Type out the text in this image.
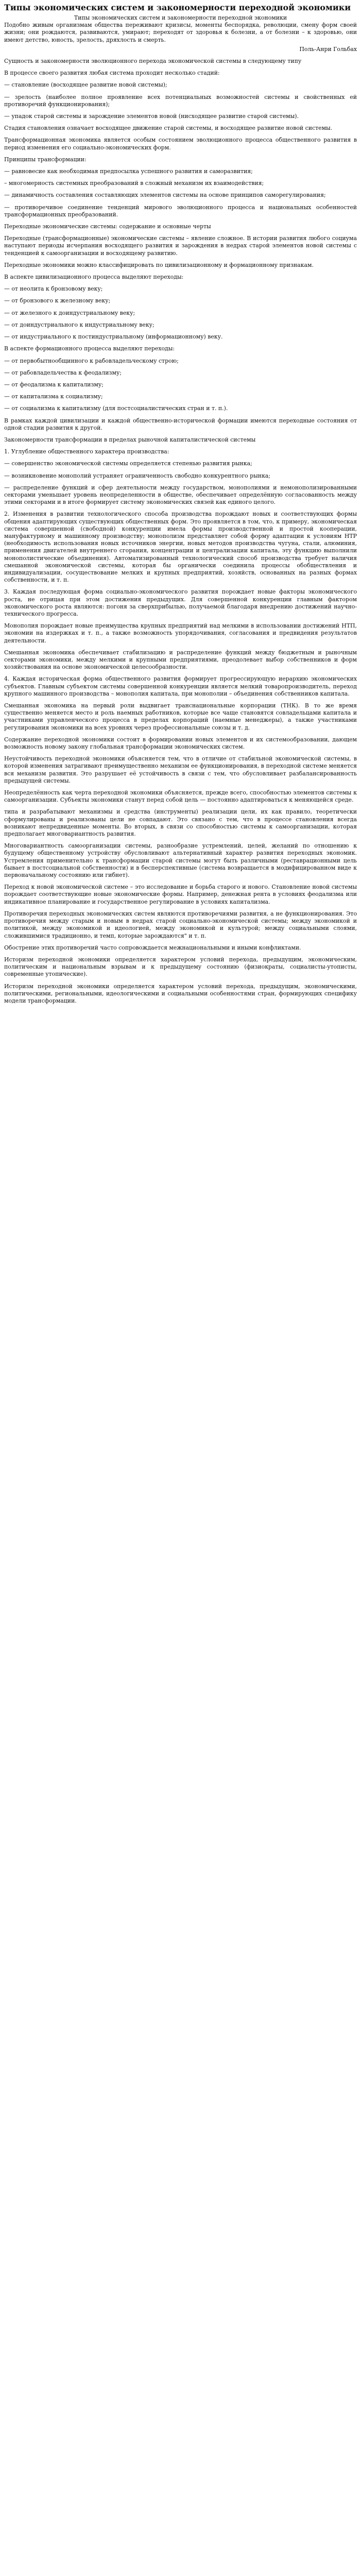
Типы экономических систем и закономерности переходной экономики
Типы экономических систем и закономерности переходной экономики
Подобно живым организмам общества переживают кризисы, моменты беспорядка, революции, смену форм своей жизни; они рождаются, развиваются, умирают; переходят от здоровья к болезни, а от болезни – к здоровью, они имеют детство, юность, зрелость, дряхлость и смерть.
Поль-Анри Гольбах

Сущность и закономерности эволюционного перехода экономической системы в следующему типу

В процессе своего развития любая система проходит несколько стадий:

— становление (восходящее развитие новой системы);

— зрелость (наиболее полное проявление всех потенциальных возможностей системы и свойственных ей противоречий функционирования);

— упадок старой системы и зарождение элементов новой (нисходящее развитие старой системы).

Стадия становления означает восходящее движение старой системы, и восходящее развитие новой системы.

Трансформационная экономика является особым состоянием эволюционного процесса общественного развития в период изменения его социально-экономических форм.

Принципы трансформации:

— равновесие как необходимая предпосылка успешного развития и саморазвития;

– многомерность системных преобразований в сложный механизм их взаимодействия;

— динамичность составления составляющих элементов системы на основе принципов саморегулирования;

— противоречивое соединение тенденций мирового эволюционного процесса и национальных особенностей трансформационных преобразований.

Переходные экономические системы: содержание и основные черты

Переходные (трансформационные) экономические системы – явление сложное. В истории развития любого социума наступают периоды исчерпания восходящего развития и зарождения в недрах старой элементов новой системы с тенденцией к самоорганизации и восходящему развитию.

Переходные экономики можно классифицировать по цивилизационному и формационному признакам.

В аспекте цивилизационного процесса выделяют переходы:

— от неолита к бронзовому веку;

— от бронзового к железному веку;

— от железного к доиндустриальному веку;

— от доиндустриального к индустриальному веку;

— от индустриального к постиндустриальному (информационному) веку.

В аспекте формационного процесса выделяют переходы:

— от первобытнообщинного к рабовладельческому строю;

— от рабовладельчества к феодализму;

— от феодализма к капитализму;

— от капитализма к социализму;

— от социализма к капитализму (для постсоциалистических стран и т. п.).

В рамках каждой цивилизации и каждой общественно-исторической формации имеются переходные состояния от одной стадии развития к другой.

Закономерности трансформации в пределах рыночной капиталистической системы

1. Углубление общественного характера производства:

— совершенство экономической системы определяется степенью развития рынка;

— возникновение монополий устраняет ограниченность свободно конкурентного рынка;

— распределение функций и сфер деятельности между государством, монополиями и немонополизированными секторами уменьшает уровень неопределенности в обществе, обеспечивает определённую согласованность между этими секторами и в итоге формирует систему экономических связей как единого целого.

2. Изменения в развитии технологического способа производства порождают новых и соответствующих формы общения адаптирующих существующих общественных форм. Это проявляется в том, что, к примеру, экономическая система совершенной (свободной) конкуренции имела формы производственной и простой кооперации, мануфактурному и машинному производству; монополизм представляет собой форму адаптации к условиям НТР (необходимость использования новых источников энергии, новых методов производства чугуна, стали, алюминия, применения двигателей внутреннего сгорания, концентрации и централизации капитала, эту функцию выполнили монополистические объединения). Автоматизированный технологический способ производства требует наличия смешанной экономической системы, которая бы органически соединила процессы обобществления и индивидуализации, сосуществование мелких и крупных предприятий, хозяйств, основанных на разных формах собственности, и т. п.

3. Каждая последующая форма социально-экономического развития порождает новые факторы экономического роста, не отрицая при этом достижения предыдущих. Для совершенной конкуренции главным фактором экономического роста являются: погоня за сверхприбылью, получаемой благодаря внедрению достижений научно-технического прогресса.

Монополия порождает новые преимущества крупных предприятий над мелкими в использовании достижений НТП, экономии на издержках и т. п., а также возможность упорядочивания, согласования и предвидения результатов деятельности.

Смешанная экономика обеспечивает стабилизацию и распределение функций между бюджетным и рыночным секторами экономики, между мелкими и крупными предприятиями, преодолевает выбор собственников и форм хозяйствования на основе экономической целесообразности.

4. Каждая историческая форма общественного развития формирует прогрессирующую иерархию экономических субъектов. Главным субъектом системы совершенной конкуренции является мелкий товаропроизводитель, переход крупного машинного производства – монополия капитала, при монополии – объединения собственников капитала.

Смешанная экономика на первый роли выдвигает транснациональные корпорации (ТНК). В то же время существенно меняется место и роль наемных работников, которые все чаще становятся совладельцами капитала и участниками управленческого процесса в пределах корпораций (наемные менеджеры), а также участниками регулирования экономики на всех уровнях через профессиональные союзы и т. д.

Содержание переходной экономики состоит в формировании новых элементов и их системообразовании, дающем возможность новому закону глобальная трансформации экономических систем.

Неустойчивость переходной экономики объясняется тем, что в отличие от стабильной экономической системы, в которой изменения затрагивают преимущественно механизм ее функционирования, в переходной системе меняется вся механизм развития. Это разрушает её устойчивость в связи с тем, что обусловливает разбалансированность предыдущей системы.

Неопределённость как черта переходной экономики объясняется, прежде всего, способностью элементов системы к самоорганизации. Субъекты экономики станут перед собой цель — постоянно адаптироваться к меняющейся среде.

типа и разрабатывают механизмы и средства (инструменты) реализации цели, их как правило, теоретически сформулированы и реализованы цели не совпадают. Это связано с тем, что в процессе становления всегда возникают непредвиденные моменты. Во вторых, в связи со способностью системы к самоорганизации, которая предполагает многовариантность развития.

Многовариантность самоорганизации системы, разнообразие устремлений, целей, желаний по отношению к будущему общественному устройству обусловливают альтернативный характер развития переходных экономик. Устремления применительно к трансформации старой системы могут быть различными (реставрационными цель бывает в постсоциальной собственности) и в бесперспективные (система возвращается в модифицированном виде к первоначальному состоянию или гибнет).

Переход к новой экономической системе – это исследование и борьба старого и нового. Становление новой системы порождает соответствующие новые экономические формы. Например, денежная рента в условиях феодализма или индикативное планирование и государственное регулирование в условиях капитализма.

Противоречия переходных экономических систем являются противоречиями развития, а не функционирования. Это противоречия между старым и новым в недрах старой социально-экономической системы; между экономикой и политикой, между экономикой и идеологией, между экономикой и культурой; между социальными слоями, сложившимися традиционно, и темп, которые зарождаются" и т. п.

Обострение этих противоречий часто сопровождается межнациональными и иными конфликтами.

Историзм переходной экономики определяется характером условий перехода, предыдущим, экономическим, политическим и национальным взрывам и к предыдущему состоянию (физиократы, социалисты-утописты, современные утопические).

Историзм переходной экономики определяется характером условий перехода, предыдущим, экономическими, политическими, региональными, идеологическими и социальными особенностями стран, формирующих специфику модели трансформации.
